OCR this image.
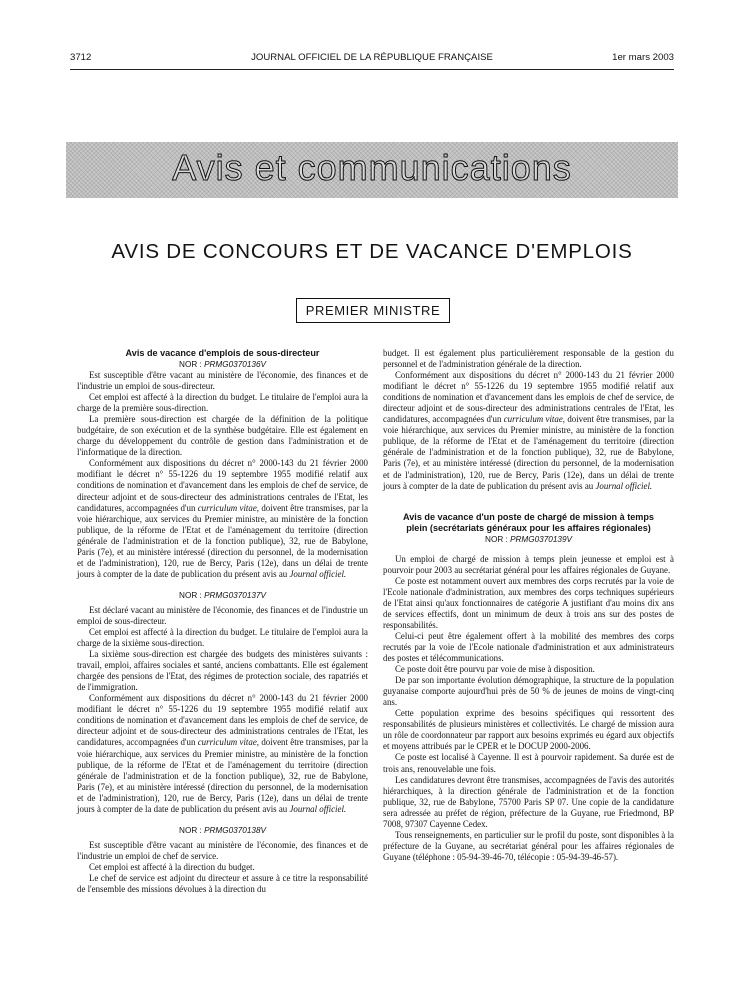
3712	JOURNAL OFFICIEL DE LA RÉPUBLIQUE FRANÇAISE	1er mars 2003
Avis et communications
AVIS DE CONCOURS ET DE VACANCE D'EMPLOIS
PREMIER MINISTRE
Avis de vacance d'emplois de sous-directeur
NOR : PRMG0370136V

Est susceptible d'être vacant au ministère de l'économie, des finances et de l'industrie un emploi de sous-directeur.

Cet emploi est affecté à la direction du budget. Le titulaire de l'emploi aura la charge de la première sous-direction.

La première sous-direction est chargée de la définition de la politique budgétaire, de son exécution et de la synthèse budgétaire. Elle est également en charge du développement du contrôle de gestion dans l'administration et de l'informatique de la direction.

Conformément aux dispositions du décret n° 2000-143 du 21 février 2000 modifiant le décret n° 55-1226 du 19 septembre 1955 modifié relatif aux conditions de nomination et d'avancement dans les emplois de chef de service, de directeur adjoint et de sous-directeur des administrations centrales de l'Etat, les candidatures, accompagnées d'un curriculum vitae, doivent être transmises, par la voie hiérarchique, aux services du Premier ministre, au ministère de la fonction publique, de la réforme de l'Etat et de l'aménagement du territoire (direction générale de l'administration et de la fonction publique), 32, rue de Babylone, Paris (7e), et au ministère intéressé (direction du personnel, de la modernisation et de l'administration), 120, rue de Bercy, Paris (12e), dans un délai de trente jours à compter de la date de publication du présent avis au Journal officiel.

NOR : PRMG0370137V

Est déclaré vacant au ministère de l'économie, des finances et de l'industrie un emploi de sous-directeur.

Cet emploi est affecté à la direction du budget. Le titulaire de l'emploi aura la charge de la sixième sous-direction.

La sixième sous-direction est chargée des budgets des ministères suivants : travail, emploi, affaires sociales et santé, anciens combattants. Elle est également chargée des pensions de l'Etat, des régimes de protection sociale, des rapatriés et de l'immigration.

Conformément aux dispositions du décret n° 2000-143 du 21 février 2000 modifiant le décret n° 55-1226 du 19 septembre 1955 modifié relatif aux conditions de nomination et d'avancement dans les emplois de chef de service, de directeur adjoint et de sous-directeur des administrations centrales de l'Etat, les candidatures, accompagnées d'un curriculum vitae, doivent être transmises, par la voie hiérarchique, aux services du Premier ministre, au ministère de la fonction publique, de la réforme de l'Etat et de l'aménagement du territoire (direction générale de l'administration et de la fonction publique), 32, rue de Babylone, Paris (7e), et au ministère intéressé (direction du personnel, de la modernisation et de l'administration), 120, rue de Bercy, Paris (12e), dans un délai de trente jours à compter de la date de publication du présent avis au Journal officiel.

NOR : PRMG0370138V

Est susceptible d'être vacant au ministère de l'économie, des finances et de l'industrie un emploi de chef de service.

Cet emploi est affecté à la direction du budget.

Le chef de service est adjoint du directeur et assure à ce titre la responsabilité de l'ensemble des missions dévolues à la direction du

budget. Il est également plus particulièrement responsable de la gestion du personnel et de l'administration générale de la direction.

Conformément aux dispositions du décret n° 2000-143 du 21 février 2000 modifiant le décret n° 55-1226 du 19 septembre 1955 modifié relatif aux conditions de nomination et d'avancement dans les emplois de chef de service, de directeur adjoint et de sous-directeur des administrations centrales de l'Etat, les candidatures, accompagnées d'un curriculum vitae, doivent être transmises, par la voie hiérarchique, aux services du Premier ministre, au ministère de la fonction publique, de la réforme de l'Etat et de l'aménagement du territoire (direction générale de l'administration et de la fonction publique), 32, rue de Babylone, Paris (7e), et au ministère intéressé (direction du personnel, de la modernisation et de l'administration), 120, rue de Bercy, Paris (12e), dans un délai de trente jours à compter de la date de publication du présent avis au Journal officiel.

Avis de vacance d'un poste de chargé de mission à temps plein (secrétariats généraux pour les affaires régionales)
NOR : PRMG0370139V

Un emploi de chargé de mission à temps plein jeunesse et emploi est à pourvoir pour 2003 au secrétariat général pour les affaires régionales de Guyane.

Ce poste est notamment ouvert aux membres des corps recrutés par la voie de l'Ecole nationale d'administration, aux membres des corps techniques supérieurs de l'Etat ainsi qu'aux fonctionnaires de catégorie A justifiant d'au moins dix ans de services effectifs, dont un minimum de deux à trois ans sur des postes de responsabilités.

Celui-ci peut être également offert à la mobilité des membres des corps recrutés par la voie de l'Ecole nationale d'administration et aux administrateurs des postes et télécommunications.

Ce poste doit être pourvu par voie de mise à disposition.

De par son importante évolution démographique, la structure de la population guyanaise comporte aujourd'hui près de 50 % de jeunes de moins de vingt-cinq ans.

Cette population exprime des besoins spécifiques qui ressortent des responsabilités de plusieurs ministères et collectivités. Le chargé de mission aura un rôle de coordonnateur par rapport aux besoins exprimés eu égard aux objectifs et moyens attribués par le CPER et le DOCUP 2000-2006.

Ce poste est localisé à Cayenne. Il est à pourvoir rapidement. Sa durée est de trois ans, renouvelable une fois.

Les candidatures devront être transmises, accompagnées de l'avis des autorités hiérarchiques, à la direction générale de l'administration et de la fonction publique, 32, rue de Babylone, 75700 Paris SP 07. Une copie de la candidature sera adressée au préfet de région, préfecture de la Guyane, rue Friedmond, BP 7008, 97307 Cayenne Cedex.

Tous renseignements, en particulier sur le profil du poste, sont disponibles à la préfecture de la Guyane, au secrétariat général pour les affaires régionales de Guyane (téléphone : 05-94-39-46-70, télécopie : 05-94-39-46-57).
